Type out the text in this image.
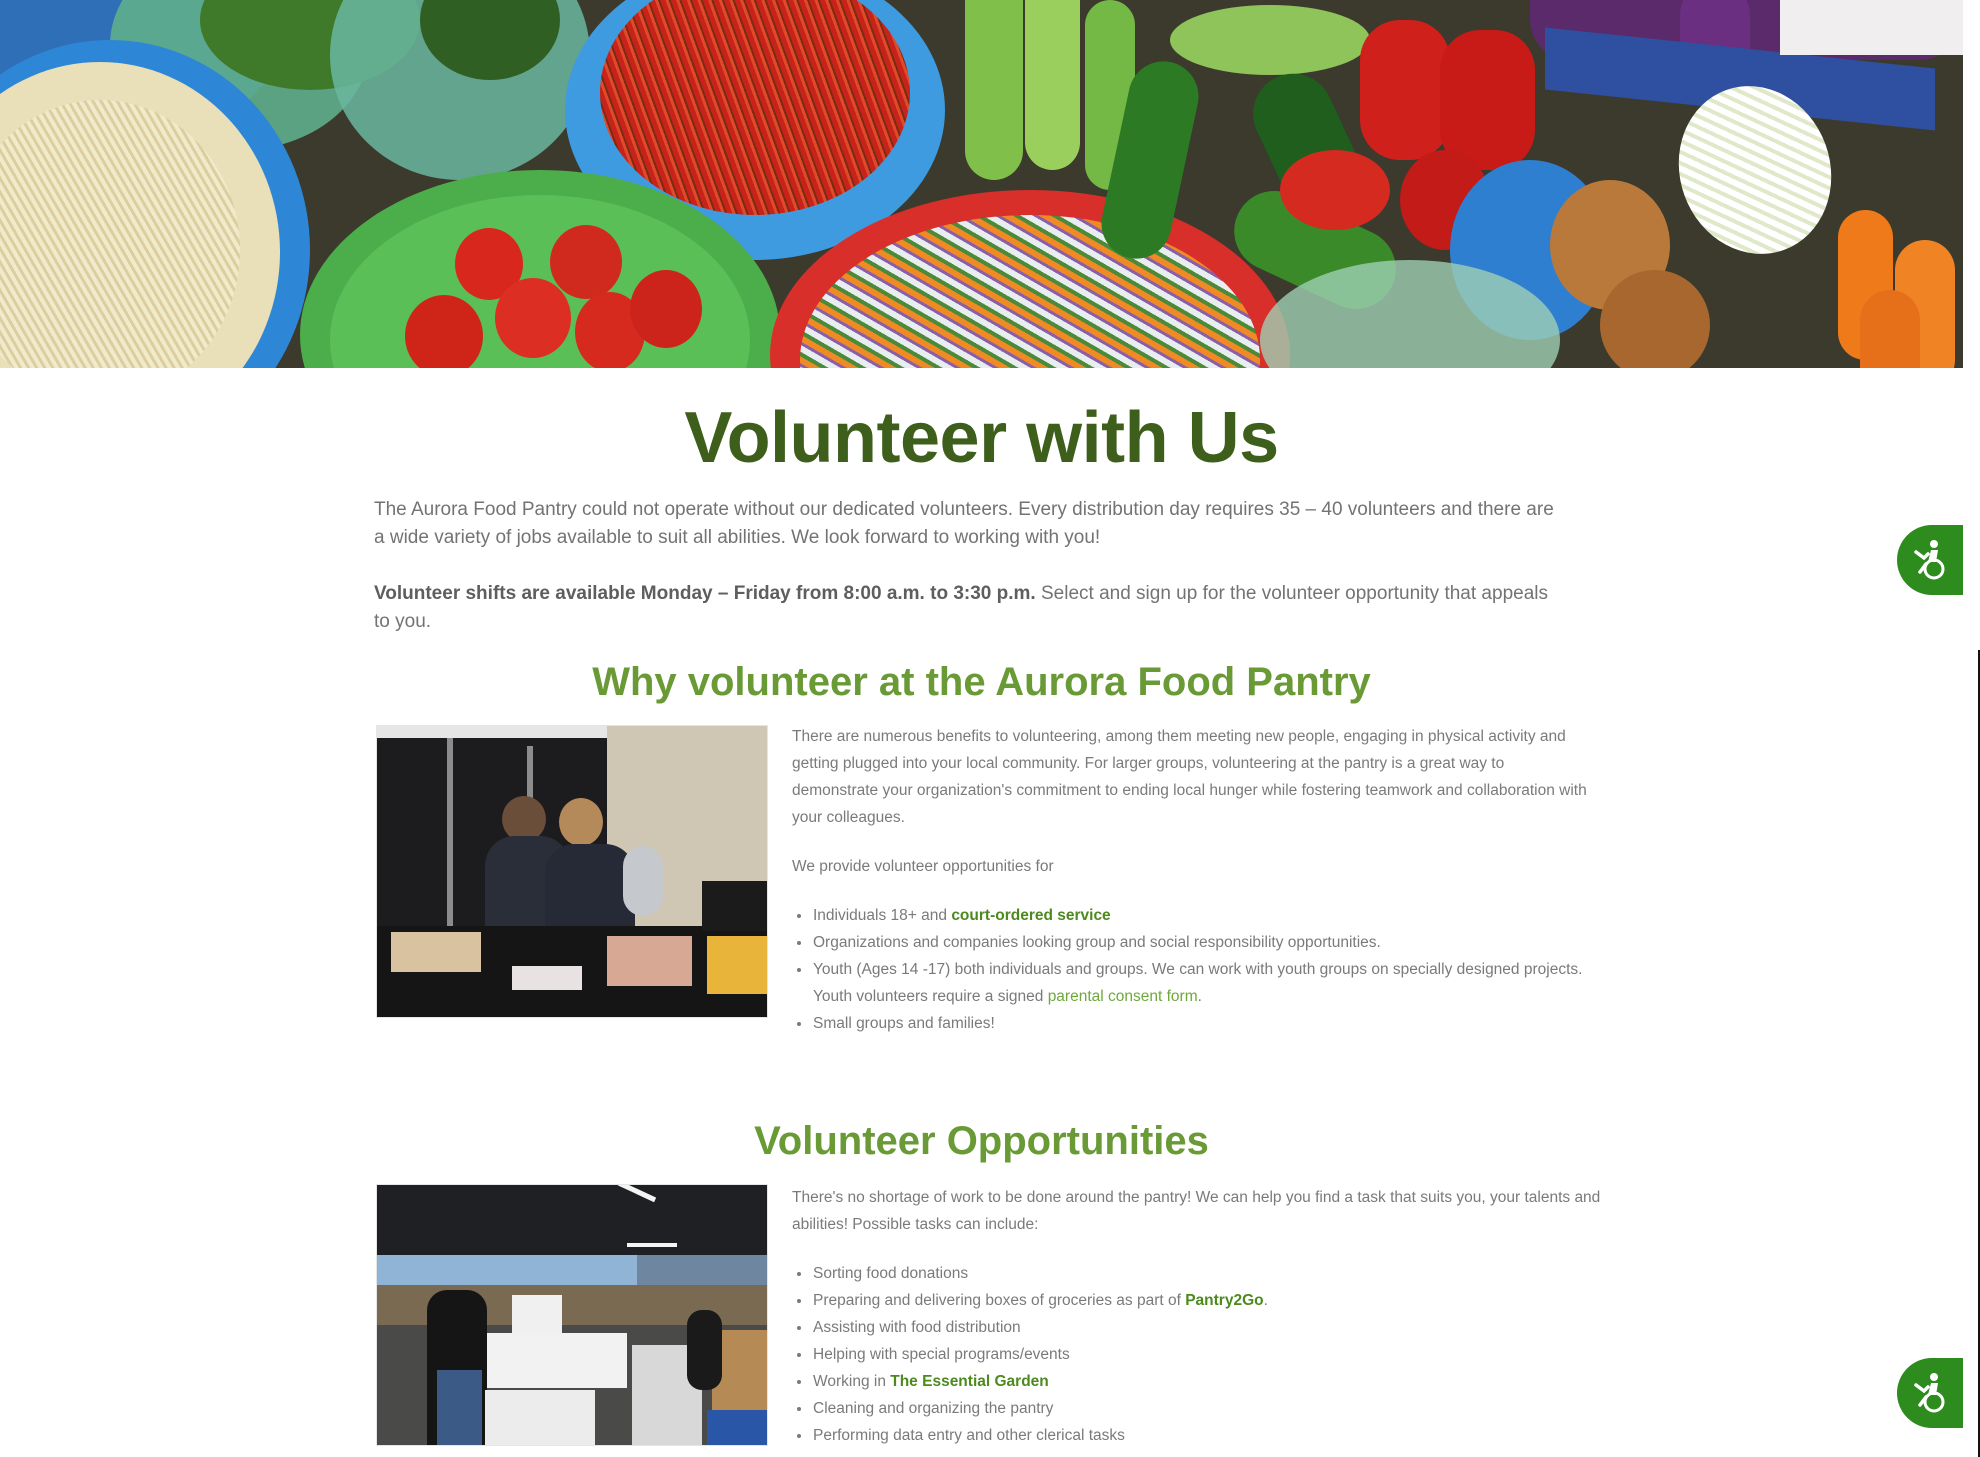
Volunteer with Us

The Aurora Food Pantry could not operate without our dedicated volunteers. Every distribution day requires 35 – 40 volunteers and there are a wide variety of jobs available to suit all abilities. We look forward to working with you!

Volunteer shifts are available Monday – Friday from 8:00 a.m. to 3:30 p.m. Select and sign up for the volunteer opportunity that appeals to you.

Why volunteer at the Aurora Food Pantry

There are numerous benefits to volunteering, among them meeting new people, engaging in physical activity and getting plugged into your local community. For larger groups, volunteering at the pantry is a great way to demonstrate your organization's commitment to ending local hunger while fostering teamwork and collaboration with your colleagues.

We provide volunteer opportunities for

Individuals 18+ and court-ordered service
Organizations and companies looking group and social responsibility opportunities.
Youth (Ages 14 -17) both individuals and groups. We can work with youth groups on specially designed projects. Youth volunteers require a signed parental consent form.
Small groups and families!
Volunteer Opportunities

There's no shortage of work to be done around the pantry! We can help you find a task that suits you, your talents and abilities! Possible tasks can include:

Sorting food donations
Preparing and delivering boxes of groceries as part of Pantry2Go.
Assisting with food distribution
Helping with special programs/events
Working in The Essential Garden
Cleaning and organizing the pantry
Performing data entry and other clerical tasks
